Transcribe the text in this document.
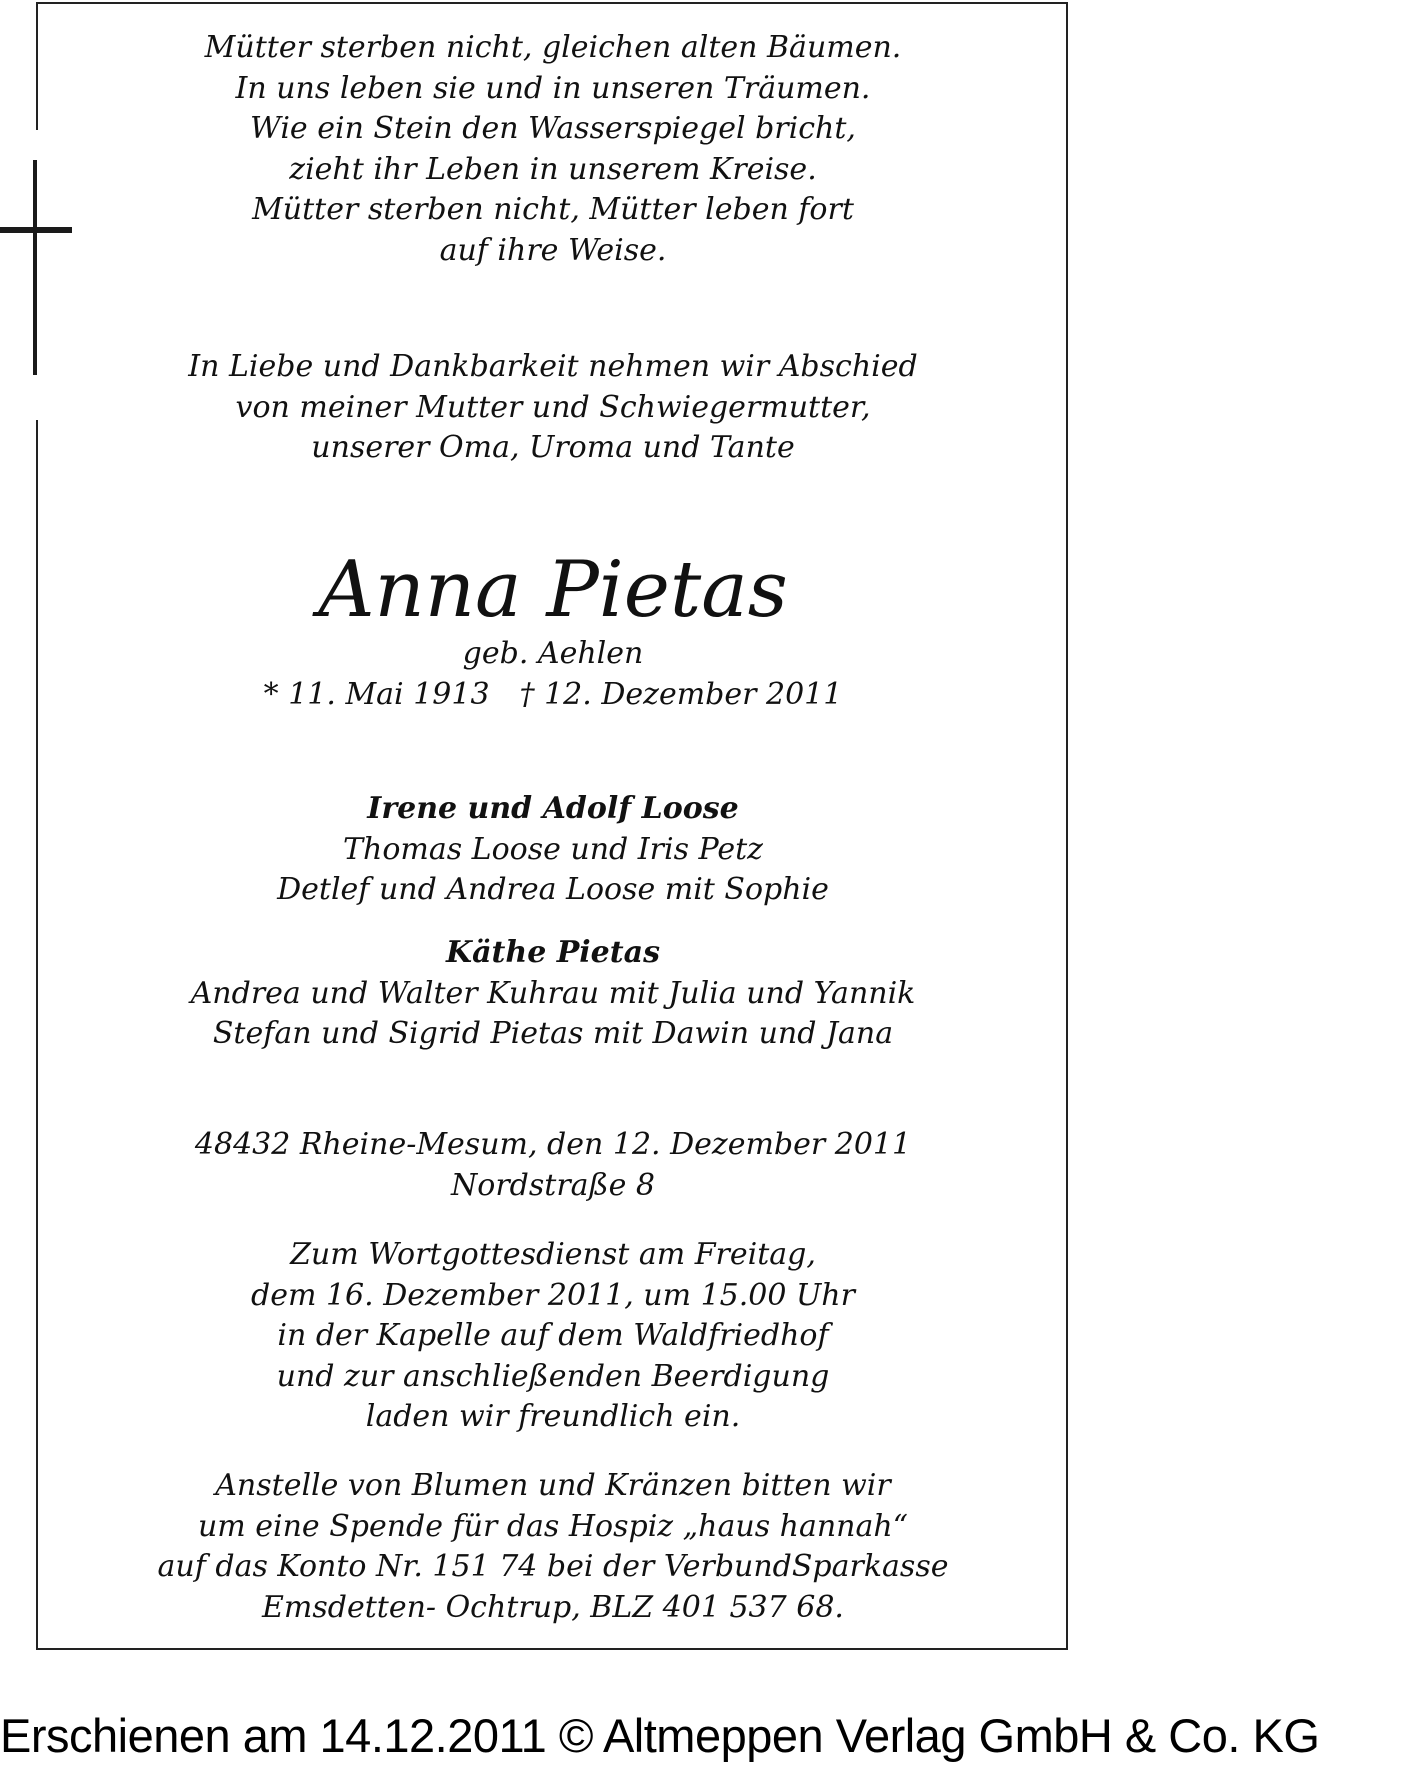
Mütter sterben nicht, gleichen alten Bäumen.
In uns leben sie und in unseren Träumen.
Wie ein Stein den Wasserspiegel bricht,
zieht ihr Leben in unserem Kreise.
Mütter sterben nicht, Mütter leben fort
auf ihre Weise.
In Liebe und Dankbarkeit nehmen wir Abschied
von meiner Mutter und Schwiegermutter,
unserer Oma, Uroma und Tante
Anna Pietas
geb. Aehlen
* 11. Mai 1913 † 12. Dezember 2011
Irene und Adolf Loose
Thomas Loose und Iris Petz
Detlef und Andrea Loose mit Sophie
Käthe Pietas
Andrea und Walter Kuhrau mit Julia und Yannik
Stefan und Sigrid Pietas mit Dawin und Jana
48432 Rheine-Mesum, den 12. Dezember 2011
Nordstraße 8
Zum Wortgottesdienst am Freitag,
dem 16. Dezember 2011, um 15.00 Uhr
in der Kapelle auf dem Waldfriedhof
und zur anschließenden Beerdigung
laden wir freundlich ein.
Anstelle von Blumen und Kränzen bitten wir
um eine Spende für das Hospiz „haus hannah“
auf das Konto Nr. 151 74 bei der VerbundSparkasse
Emsdetten- Ochtrup, BLZ 401 537 68.
Erschienen am 14.12.2011 © Altmeppen Verlag GmbH & Co. KG
